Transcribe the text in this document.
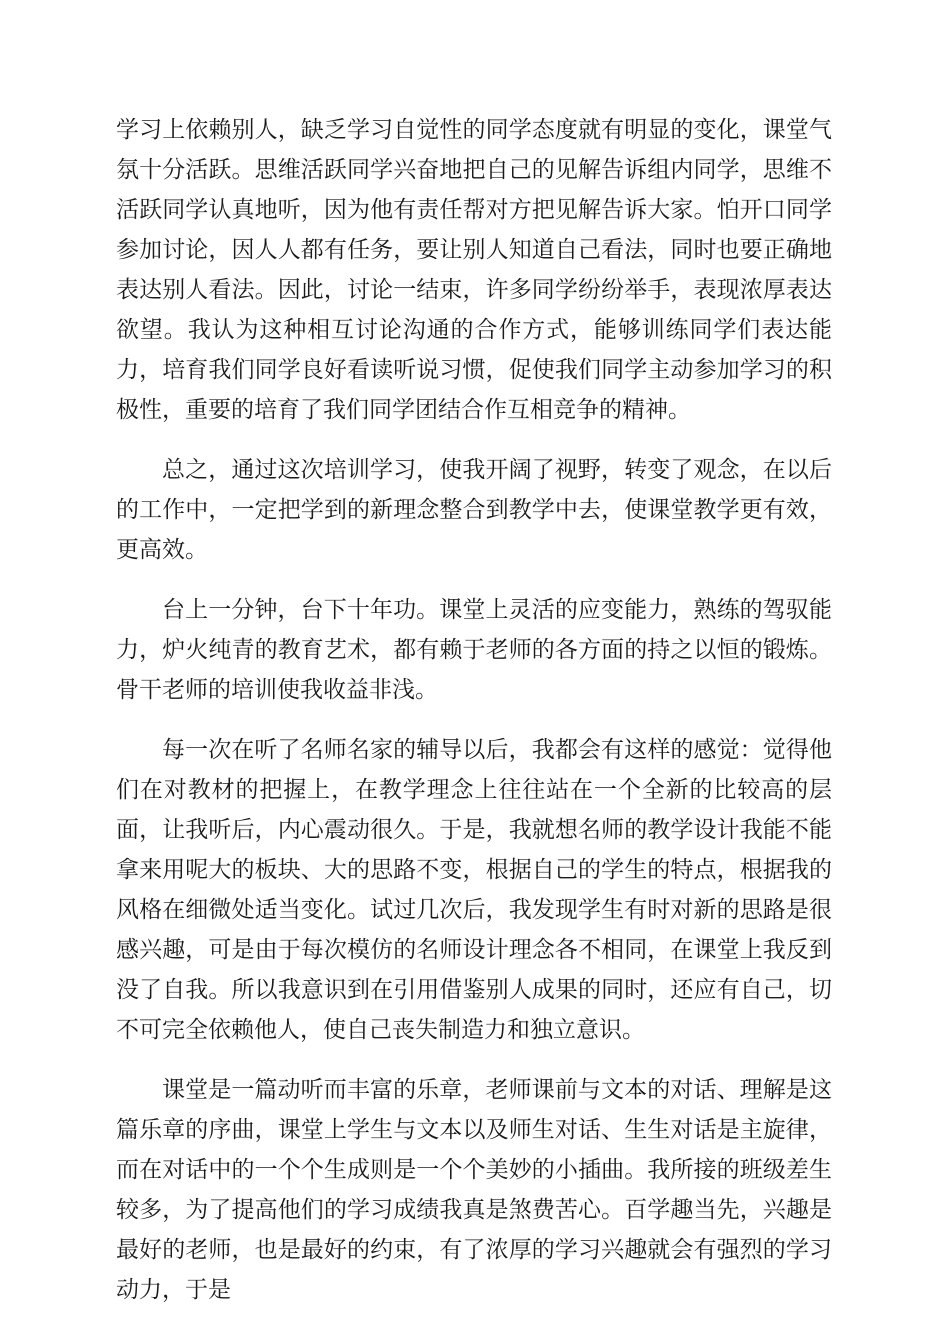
学习上依赖别人，缺乏学习自觉性的同学态度就有明显的变化，课堂气氛十分活跃。思维活跃同学兴奋地把自己的见解告诉组内同学，思维不活跃同学认真地听，因为他有责任帮对方把见解告诉大家。怕开口同学参加讨论，因人人都有任务，要让别人知道自己看法，同时也要正确地表达别人看法。因此，讨论一结束，许多同学纷纷举手，表现浓厚表达欲望。我认为这种相互讨论沟通的合作方式，能够训练同学们表达能力，培育我们同学良好看读听说习惯，促使我们同学主动参加学习的积极性，重要的培育了我们同学团结合作互相竞争的精神。

总之，通过这次培训学习，使我开阔了视野，转变了观念，在以后的工作中，一定把学到的新理念整合到教学中去，使课堂教学更有效，更高效。

台上一分钟，台下十年功。课堂上灵活的应变能力，熟练的驾驭能力，炉火纯青的教育艺术，都有赖于老师的各方面的持之以恒的锻炼。骨干老师的培训使我收益非浅。

每一次在听了名师名家的辅导以后，我都会有这样的感觉：觉得他们在对教材的把握上，在教学理念上往往站在一个全新的比较高的层面，让我听后，内心震动很久。于是，我就想名师的教学设计我能不能拿来用呢大的板块、大的思路不变，根据自己的学生的特点，根据我的风格在细微处适当变化。试过几次后，我发现学生有时对新的思路是很感兴趣，可是由于每次模仿的名师设计理念各不相同，在课堂上我反到没了自我。所以我意识到在引用借鉴别人成果的同时，还应有自己，切不可完全依赖他人，使自己丧失制造力和独立意识。

课堂是一篇动听而丰富的乐章，老师课前与文本的对话、理解是这篇乐章的序曲，课堂上学生与文本以及师生对话、生生对话是主旋律，而在对话中的一个个生成则是一个个美妙的小插曲。我所接的班级差生较多，为了提高他们的学习成绩我真是煞费苦心。百学趣当先，兴趣是最好的老师，也是最好的约束，有了浓厚的学习兴趣就会有强烈的学习动力，于是
